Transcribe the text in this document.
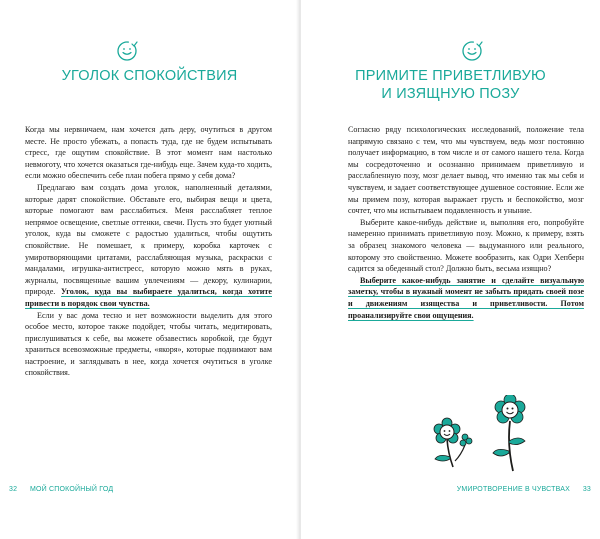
УГОЛОК СПОКОЙСТВИЯ

Когда мы нервничаем, нам хочется дать деру, очутиться в другом месте. Не просто убежать, а попасть туда, где не будем испытывать стресс, где ощутим спокойствие. В этот момент нам настолько невмоготу, что хочется оказаться где-нибудь еще. Зачем куда-то ходить, если можно обеспечить себе план побега прямо у себя дома?

Предлагаю вам создать дома уголок, наполненный деталями, которые дарят спокойствие. Обставьте его, выбирая вещи и цвета, которые помогают вам расслабиться. Меня расслабляет теплое непрямое освещение, светлые оттенки, свечи. Пусть это будет уютный уголок, куда вы сможете с радостью удалиться, чтобы ощутить спокойствие. Не помешает, к примеру, коробка карточек с умиротворяющими цитатами, расслабляющая музыка, раскраски с мандалами, игрушка-антистресс, которую можно мять в руках, журналы, посвященные вашим увлечениям — декору, кулинарии, природе. Уголок, куда вы выбираете удалиться, когда хотите привести в порядок свои чувства.

Если у вас дома тесно и нет возможности выделить для этого особое место, которое также подойдет, чтобы читать, медитировать, прислушиваться к себе, вы можете обзавестись коробкой, где будут храниться всевозможные предметы, «якоря», которые поднимают вам настроение, и заглядывать в нее, когда хочется очутиться в уголке спокойствия.

32 МОЙ СПОКОЙНЫЙ ГОД
ПРИМИТЕ ПРИВЕТЛИВУЮ
И ИЗЯЩНУЮ ПОЗУ

Согласно ряду психологических исследований, положение тела напрямую связано с тем, что мы чувствуем, ведь мозг постоянно получает информацию, в том числе и от самого нашего тела. Когда мы сосредоточенно и осознанно принимаем приветливую и расслабленную позу, мозг делает вывод, что именно так мы себя и чувствуем, и задает соответствующее душевное состояние. Если же мы примем позу, которая выражает грусть и беспокойство, мозг сочтет, что мы испытываем подавленность и уныние.

Выберите какое-нибудь действие и, выполняя его, попробуйте намеренно принимать приветливую позу. Можно, к примеру, взять за образец знакомого человека — выдуманного или реального, которому это свойственно. Можете вообразить, как Одри Хепберн садится за обеденный стол? Должно быть, весьма изящно?

Выберите какое-нибудь занятие и сделайте визуальную заметку, чтобы в нужный момент не забыть придать своей позе и движениям изящества и приветливости. Потом проанализируйте свои ощущения.

УМИРОТВОРЕНИЕ В ЧУВСТВАХ 33
